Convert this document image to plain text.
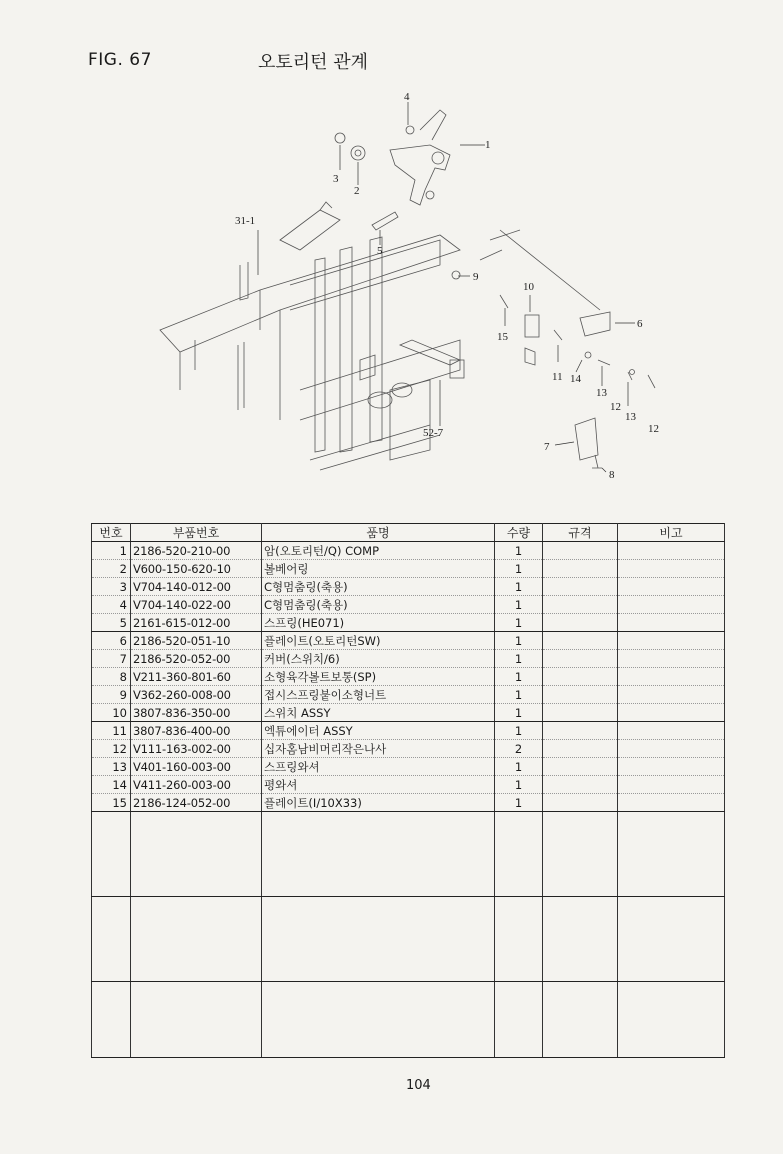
FIG. 67	오토리턴 관계
4
1
3
2
31-1
5
9
10
6
15
11 14
13
12
13
12
52-7
7
8
번호	부품번호	품명	수량	규격	비고
1	2186-520-210-00	암(오토리턴/Q) COMP	1		
2	V600-150-620-10	볼베어링	1		
3	V704-140-012-00	C형멈춤링(축용)	1		
4	V704-140-022-00	C형멈춤링(축용)	1		
5	2161-615-012-00	스프링(HE071)	1		
6	2186-520-051-10	플레이트(오토리턴SW)	1		
7	2186-520-052-00	커버(스위치/6)	1		
8	V211-360-801-60	소형육각볼트보통(SP)	1		
9	V362-260-008-00	접시스프링붙이소형너트	1		
10	3807-836-350-00	스위치 ASSY	1		
11	3807-836-400-00	엑튜에이터 ASSY	1		
12	V111-163-002-00	십자홈남비머리작은나사	2		
13	V401-160-003-00	스프링와셔	1		
14	V411-260-003-00	평와셔	1		
15	2186-124-052-00	플레이트(I/10X33)	1		

104
